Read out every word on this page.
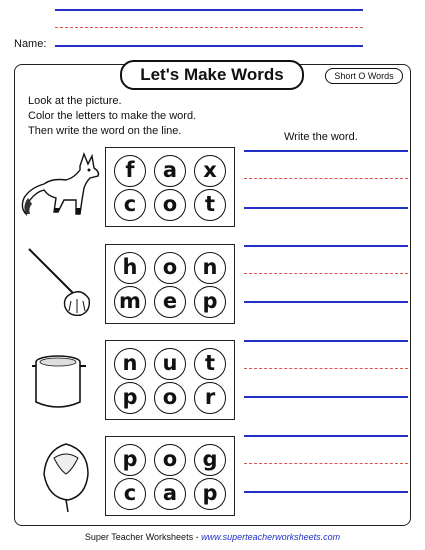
Name:
Let's Make Words	Short O Words
Look at the picture.
Color the letters to make the word.
Then write the word on the line.	Write the word.
f	a	x
c	o	t
h	o	n
m	e	p
n	u	t
p	o	r
p	o	g
c	a	p
Super Teacher Worksheets - www.superteacherworksheets.com
